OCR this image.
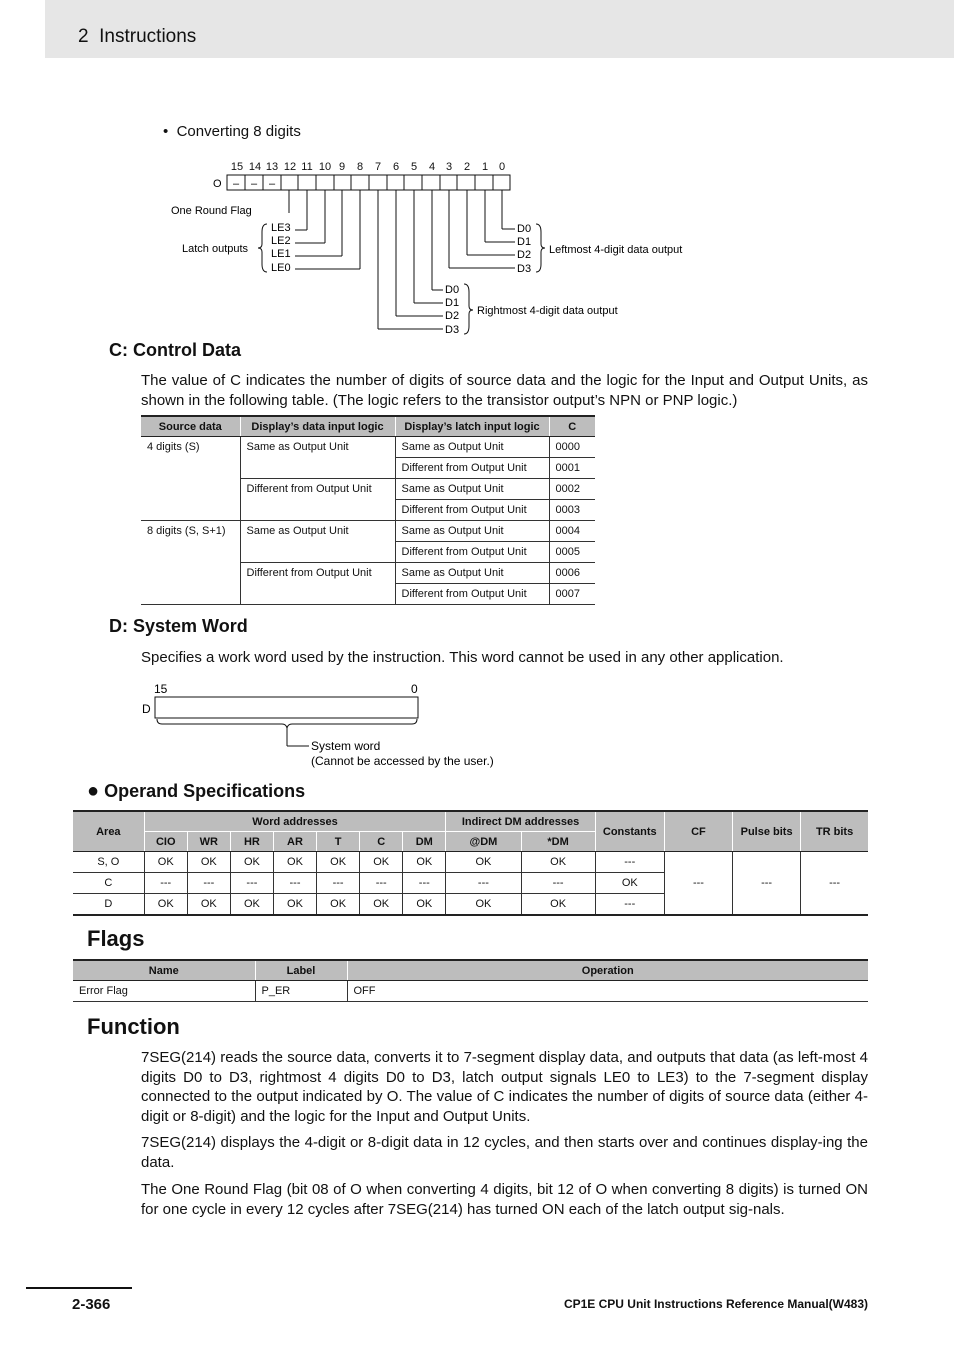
2 Instructions
•  Converting 8 digits
15 14 13 12 11 10 9 8 7 6 5 4 3 2 1 0
O – – –
One Round Flag
LE3
LE2
LE1
LE0
Latch outputs
D0
D1
D2
D3
Leftmost 4-digit data output
D0
D1
D2
D3
Rightmost 4-digit data output
C: Control Data
The value of C indicates the number of digits of source data and the logic for the Input and Output Units, as shown in the following table. (The logic refers to the transistor output’s NPN or PNP logic.)
Source data	Display’s data input logic	Display’s latch input logic	C
4 digits (S)	Same as Output Unit	Same as Output Unit	0000
		Different from Output Unit	0001
	Different from Output Unit	Same as Output Unit	0002
		Different from Output Unit	0003
8 digits (S, S+1)	Same as Output Unit	Same as Output Unit	0004
		Different from Output Unit	0005
	Different from Output Unit	Same as Output Unit	0006
		Different from Output Unit	0007
D: System Word
Specifies a work word used by the instruction. This word cannot be used in any other application.
15	0
D
System word
(Cannot be accessed by the user.)
● Operand Specifications
Area	Word addresses							Indirect DM addresses		Constants	CF	Pulse bits	TR bits
	CIO	WR	HR	AR	T	C	DM	@DM	*DM				
S, O	OK	OK	OK	OK	OK	OK	OK	OK	OK	---	---	---	---
C	---	---	---	---	---	---	---	---	---	OK			
D	OK	OK	OK	OK	OK	OK	OK	OK	OK	---			
Flags
Name	Label	Operation
Error Flag	P_ER	OFF
Function
7SEG(214) reads the source data, converts it to 7-segment display data, and outputs that data (as left-most 4 digits D0 to D3, rightmost 4 digits D0 to D3, latch output signals LE0 to LE3) to the 7-segment display connected to the output indicated by O. The value of C indicates the number of digits of source data (either 4-digit or 8-digit) and the logic for the Input and Output Units.
7SEG(214) displays the 4-digit or 8-digit data in 12 cycles, and then starts over and continues display-ing the data.
The One Round Flag (bit 08 of O when converting 4 digits, bit 12 of O when converting 8 digits) is turned ON for one cycle in every 12 cycles after 7SEG(214) has turned ON each of the latch output sig-nals.
2-366	CP1E CPU Unit Instructions Reference Manual(W483)
